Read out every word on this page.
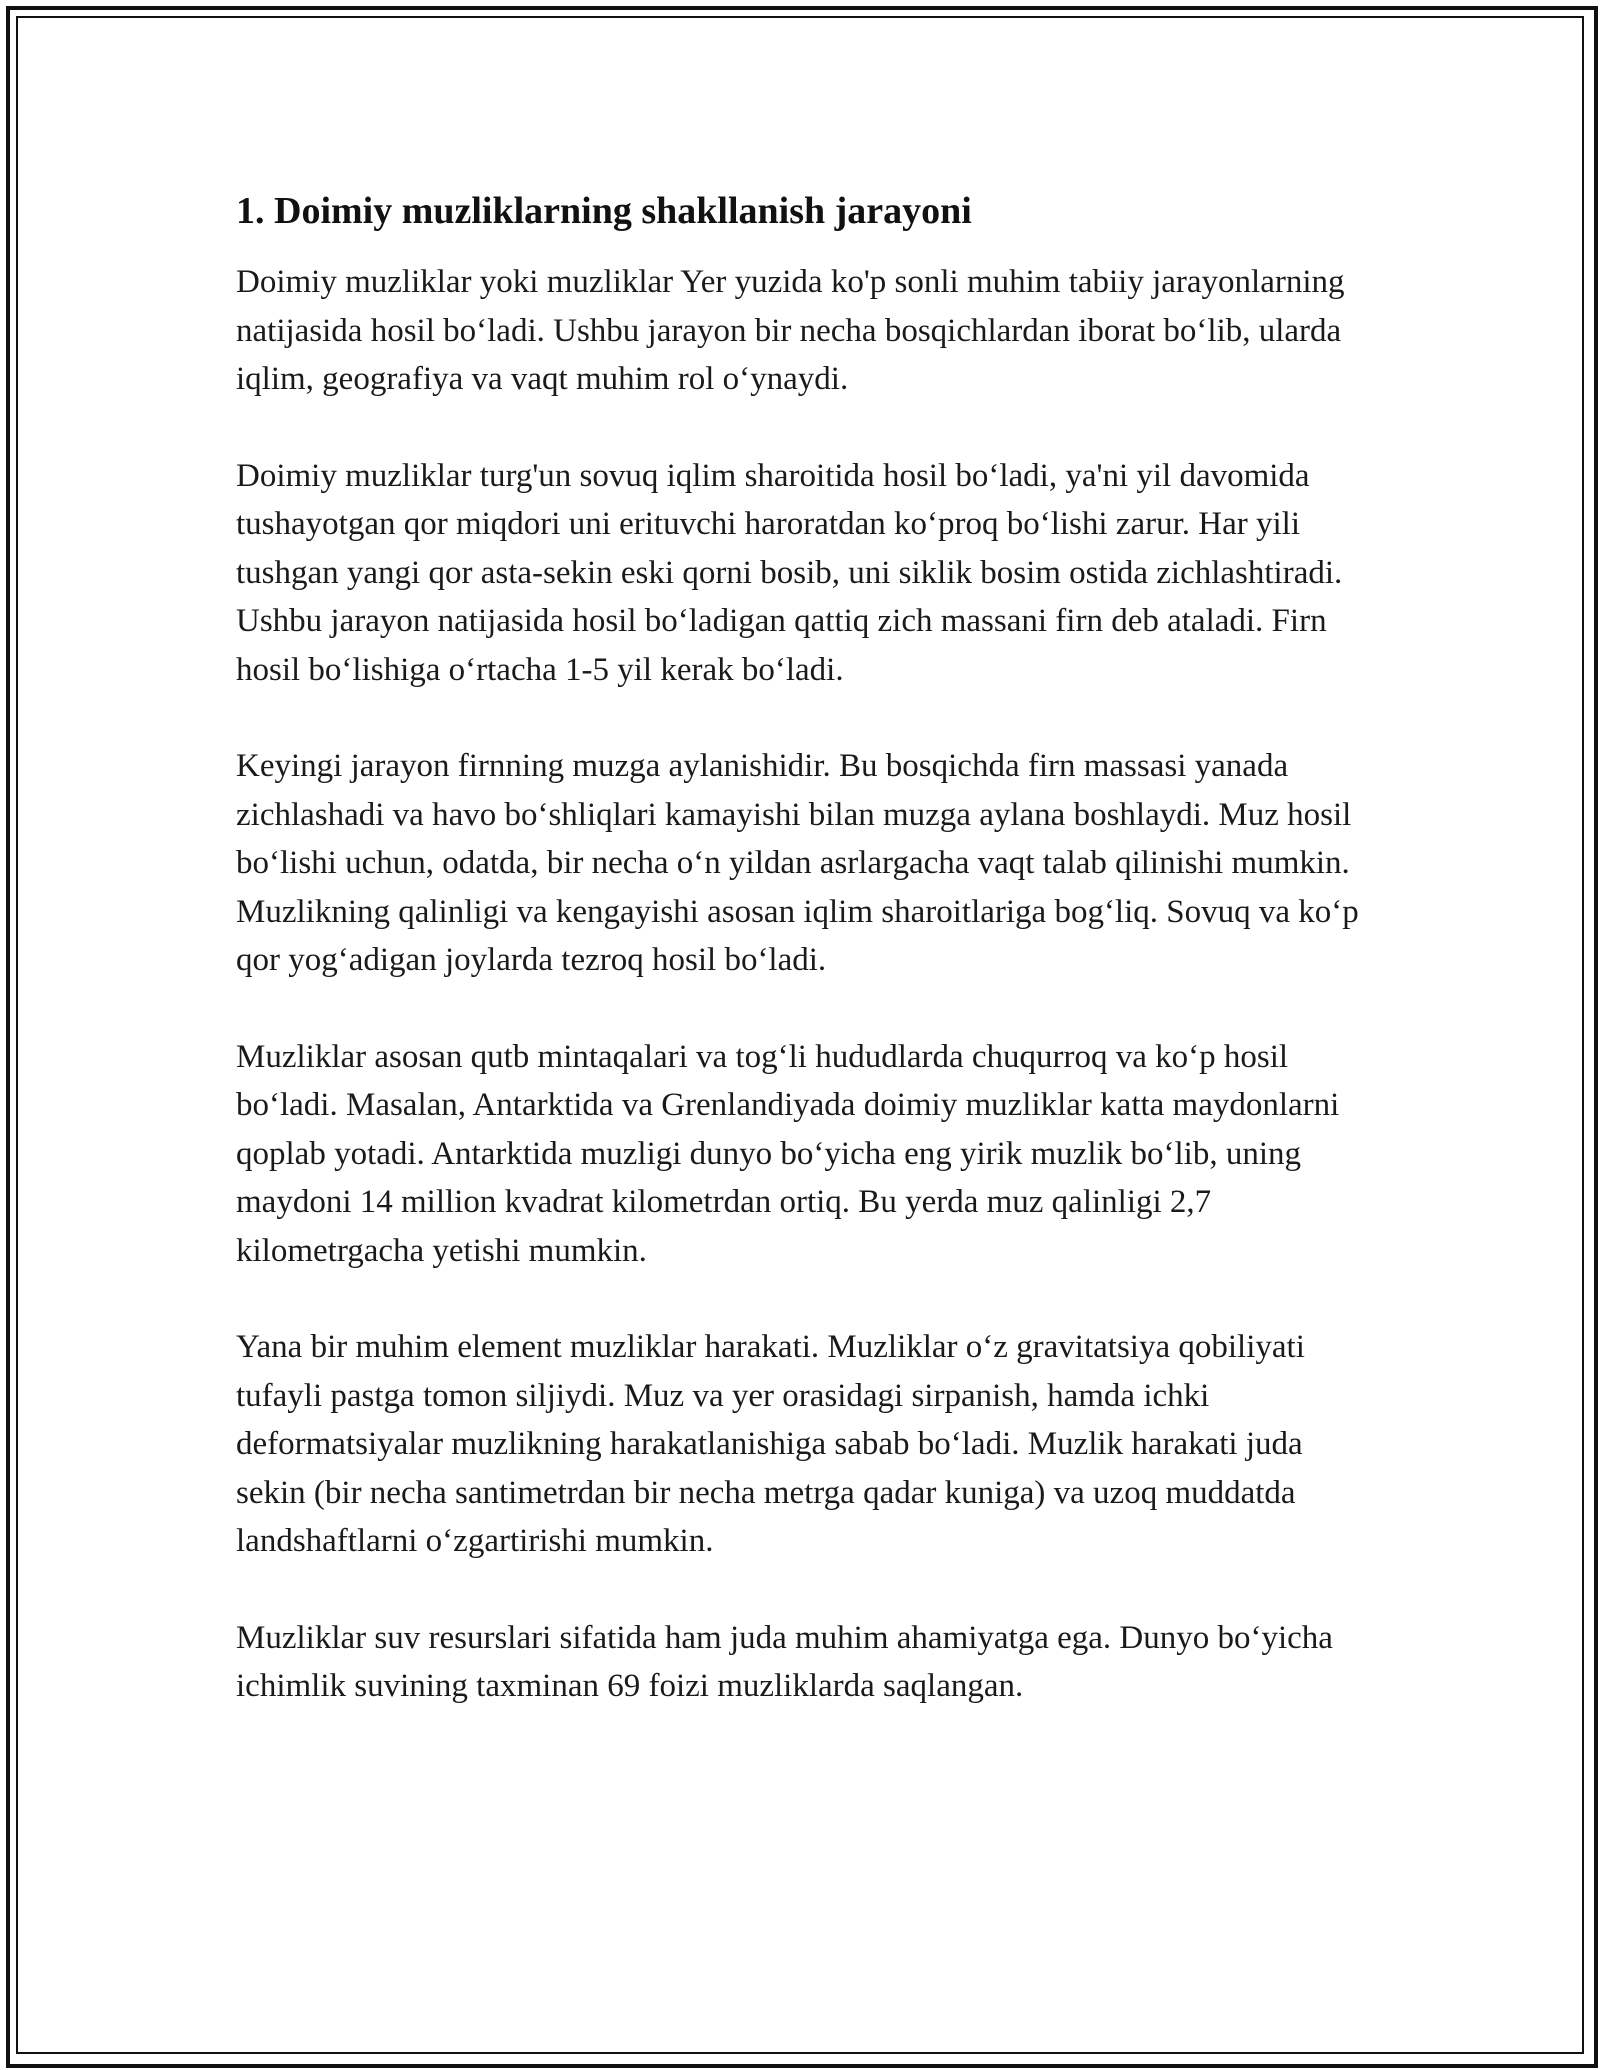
1. Doimiy muzliklarning shakllanish jarayoni

Doimiy muzliklar yoki muzliklar Yer yuzida ko'p sonli muhim tabiiy jarayonlarning natijasida hosil bo‘ladi. Ushbu jarayon bir necha bosqichlardan iborat bo‘lib, ularda iqlim, geografiya va vaqt muhim rol o‘ynaydi.

Doimiy muzliklar turg'un sovuq iqlim sharoitida hosil bo‘ladi, ya'ni yil davomida tushayotgan qor miqdori uni erituvchi haroratdan ko‘proq bo‘lishi zarur. Har yili tushgan yangi qor asta-sekin eski qorni bosib, uni siklik bosim ostida zichlashtiradi. Ushbu jarayon natijasida hosil bo‘ladigan qattiq zich massani firn deb ataladi. Firn hosil bo‘lishiga o‘rtacha 1-5 yil kerak bo‘ladi.

Keyingi jarayon firnning muzga aylanishidir. Bu bosqichda firn massasi yanada zichlashadi va havo bo‘shliqlari kamayishi bilan muzga aylana boshlaydi. Muz hosil bo‘lishi uchun, odatda, bir necha o‘n yildan asrlargacha vaqt talab qilinishi mumkin. Muzlikning qalinligi va kengayishi asosan iqlim sharoitlariga bog‘liq. Sovuq va ko‘p qor yog‘adigan joylarda tezroq hosil bo‘ladi.

Muzliklar asosan qutb mintaqalari va tog‘li hududlarda chuqurroq va ko‘p hosil bo‘ladi. Masalan, Antarktida va Grenlandiyada doimiy muzliklar katta maydonlarni qoplab yotadi. Antarktida muzligi dunyo bo‘yicha eng yirik muzlik bo‘lib, uning maydoni 14 million kvadrat kilometrdan ortiq. Bu yerda muz qalinligi 2,7 kilometrgacha yetishi mumkin.

Yana bir muhim element muzliklar harakati. Muzliklar o‘z gravitatsiya qobiliyati tufayli pastga tomon siljiydi. Muz va yer orasidagi sirpanish, hamda ichki deformatsiyalar muzlikning harakatlanishiga sabab bo‘ladi. Muzlik harakati juda sekin (bir necha santimetrdan bir necha metrga qadar kuniga) va uzoq muddatda landshaftlarni o‘zgartirishi mumkin.

Muzliklar suv resurslari sifatida ham juda muhim ahamiyatga ega. Dunyo bo‘yicha ichimlik suvining taxminan 69 foizi muzliklarda saqlangan.
